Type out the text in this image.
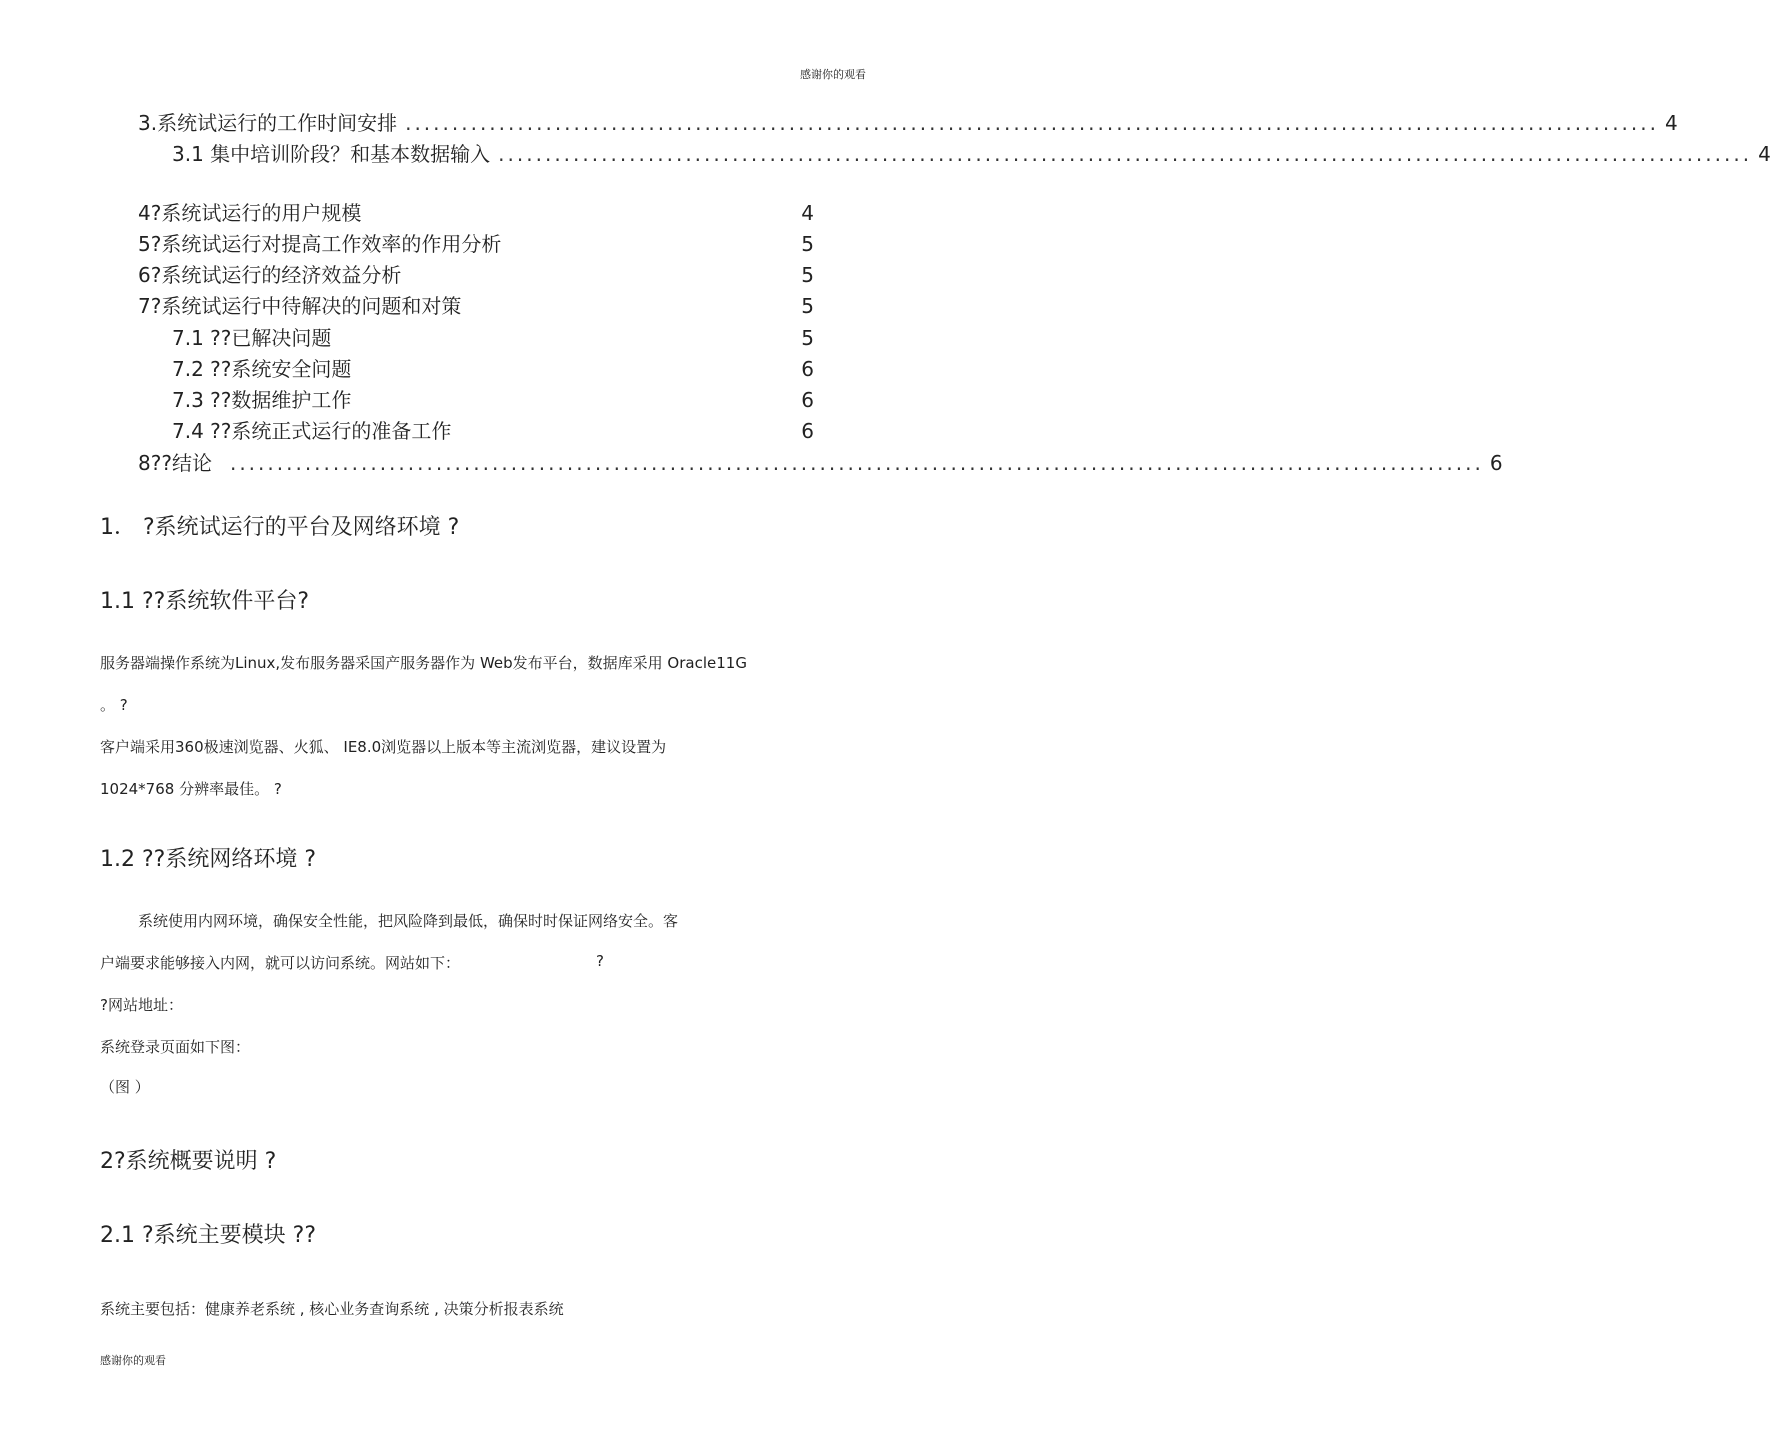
感谢你的观看
3.系统试运行的工作时间安排 ...................................................................................................................................... 4
3.1 集中培训阶段？和基本数据输入 ...................................................................................................................................... 4
4?系统试运行的用户规模	4
5?系统试运行对提高工作效率的作用分析	5
6?系统试运行的经济效益分析	5
7?系统试运行中待解决的问题和对策	5
7.1 ??已解决问题	5
7.2 ??系统安全问题	6
7.3 ??数据维护工作	6
7.4 ??系统正式运行的准备工作	6
8??结论 ...................................................................................................................................... 6
1． ?系统试运行的平台及网络环境 ?
1.1 ??系统软件平台?
服务器端操作系统为Linux,发布服务器采国产服务器作为 Web发布平台，数据库采用 Oracle11G
。 ?
客户端采用360极速浏览器、火狐、 IE8.0浏览器以上版本等主流浏览器，建议设置为
1024*768 分辨率最佳。 ?
1.2 ??系统网络环境 ?
系统使用内网环境，确保安全性能，把风险降到最低，确保时时保证网络安全。客
户端要求能够接入内网，就可以访问系统。网站如下：	?
?网站地址：
系统登录页面如下图：
（图 ）
2?系统概要说明 ?
2.1 ?系统主要模块 ??
系统主要包括：健康养老系统 , 核心业务查询系统 , 决策分析报表系统
感谢你的观看
